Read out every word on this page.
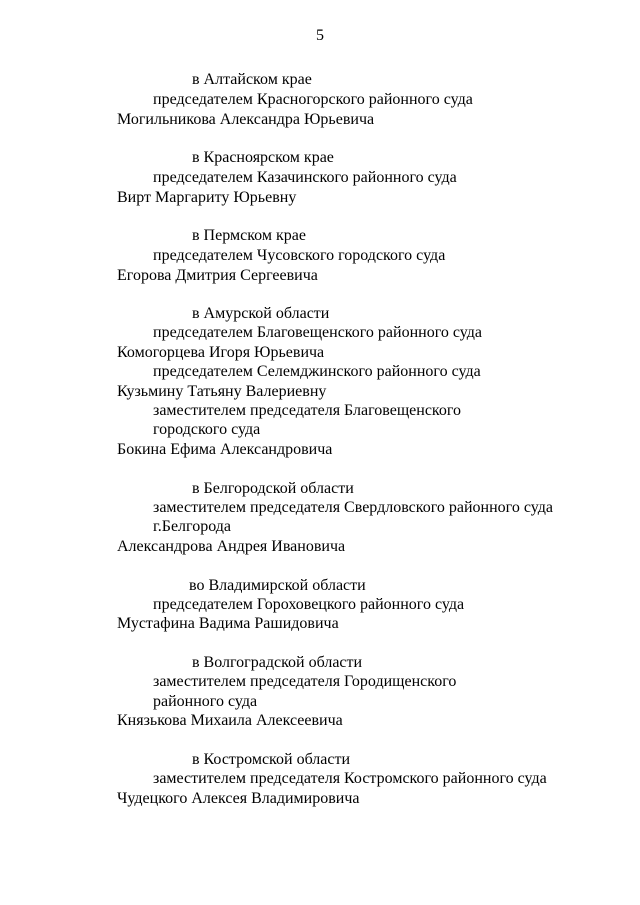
5
в Алтайском крае
председателем Красногорского районного суда
Могильникова Александра Юрьевича
в Красноярском крае
председателем Казачинского районного суда
Вирт Маргариту Юрьевну
в Пермском крае
председателем Чусовского городского суда
Егорова Дмитрия Сергеевича
в Амурской области
председателем Благовещенского районного суда
Комогорцева Игоря Юрьевича
председателем Селемджинского районного суда
Кузьмину Татьяну Валериевну
заместителем председателя Благовещенского
городского суда
Бокина Ефима Александровича
в Белгородской области
заместителем председателя Свердловского районного суда
г.Белгорода
Александрова Андрея Ивановича
во Владимирской области
председателем Гороховецкого районного суда
Мустафина Вадима Рашидовича
в Волгоградской области
заместителем председателя Городищенского
районного суда
Князькова Михаила Алексеевича
в Костромской области
заместителем председателя Костромского районного суда
Чудецкого Алексея Владимировича
